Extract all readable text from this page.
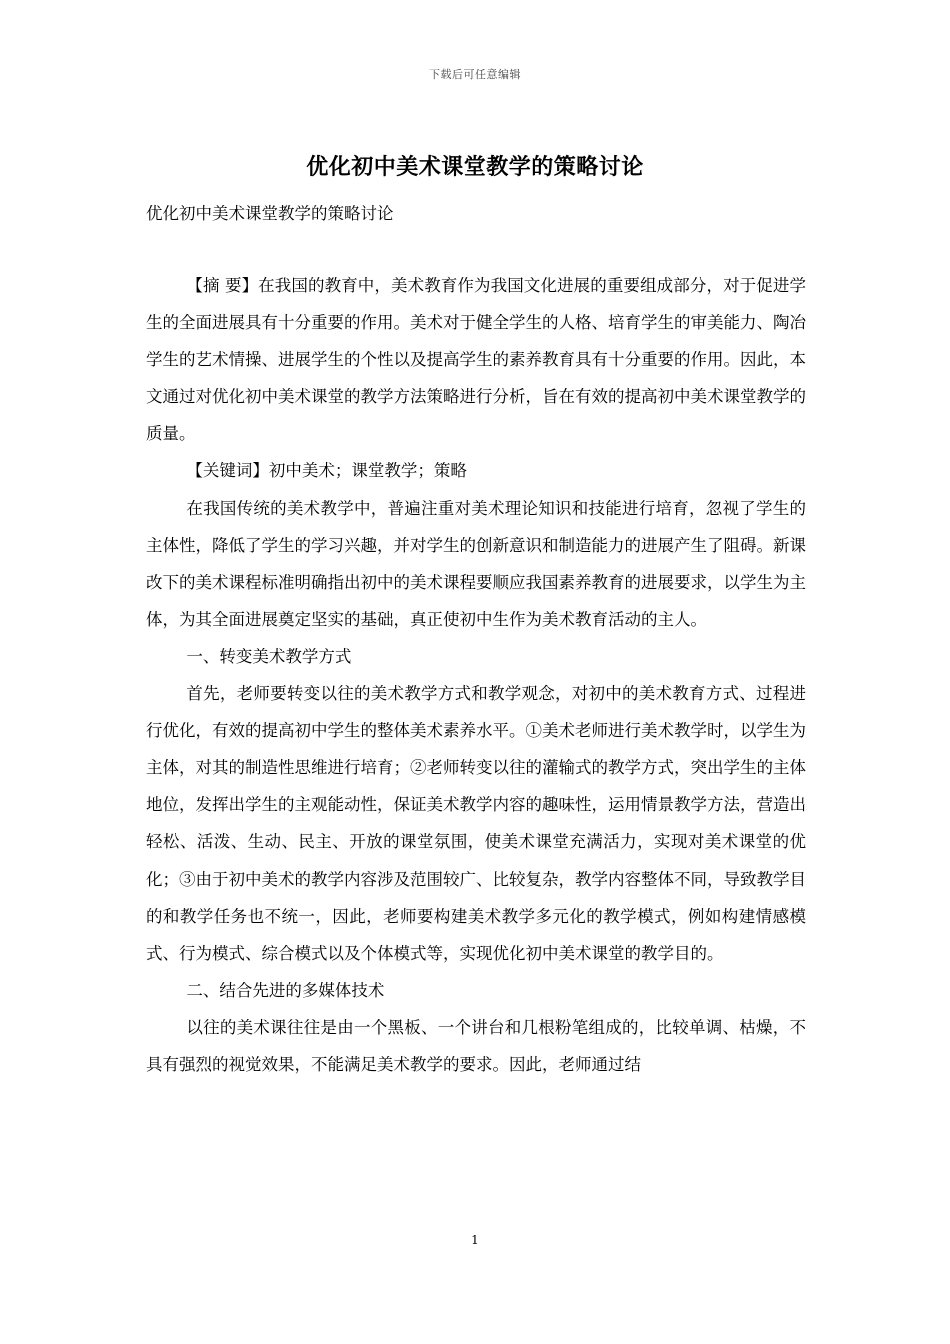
下载后可任意编辑
优化初中美术课堂教学的策略讨论
优化初中美术课堂教学的策略讨论

【摘 要】在我国的教育中，美术教育作为我国文化进展的重要组成部分，对于促进学生的全面进展具有十分重要的作用。美术对于健全学生的人格、培育学生的审美能力、陶冶学生的艺术情操、进展学生的个性以及提高学生的素养教育具有十分重要的作用。因此，本文通过对优化初中美术课堂的教学方法策略进行分析，旨在有效的提高初中美术课堂教学的质量。

【关键词】初中美术；课堂教学；策略

在我国传统的美术教学中，普遍注重对美术理论知识和技能进行培育，忽视了学生的主体性，降低了学生的学习兴趣，并对学生的创新意识和制造能力的进展产生了阻碍。新课改下的美术课程标准明确指出初中的美术课程要顺应我国素养教育的进展要求，以学生为主体，为其全面进展奠定坚实的基础，真正使初中生作为美术教育活动的主人。

一、转变美术教学方式

首先，老师要转变以往的美术教学方式和教学观念，对初中的美术教育方式、过程进行优化，有效的提高初中学生的整体美术素养水平。①美术老师进行美术教学时，以学生为主体，对其的制造性思维进行培育；②老师转变以往的灌输式的教学方式，突出学生的主体地位，发挥出学生的主观能动性，保证美术教学内容的趣味性，运用情景教学方法，营造出轻松、活泼、生动、民主、开放的课堂氛围，使美术课堂充满活力，实现对美术课堂的优化；③由于初中美术的教学内容涉及范围较广、比较复杂，教学内容整体不同，导致教学目的和教学任务也不统一，因此，老师要构建美术教学多元化的教学模式，例如构建情感模式、行为模式、综合模式以及个体模式等，实现优化初中美术课堂的教学目的。

二、结合先进的多媒体技术

以往的美术课往往是由一个黑板、一个讲台和几根粉笔组成的，比较单调、枯燥，不具有强烈的视觉效果，不能满足美术教学的要求。因此，老师通过结

1
